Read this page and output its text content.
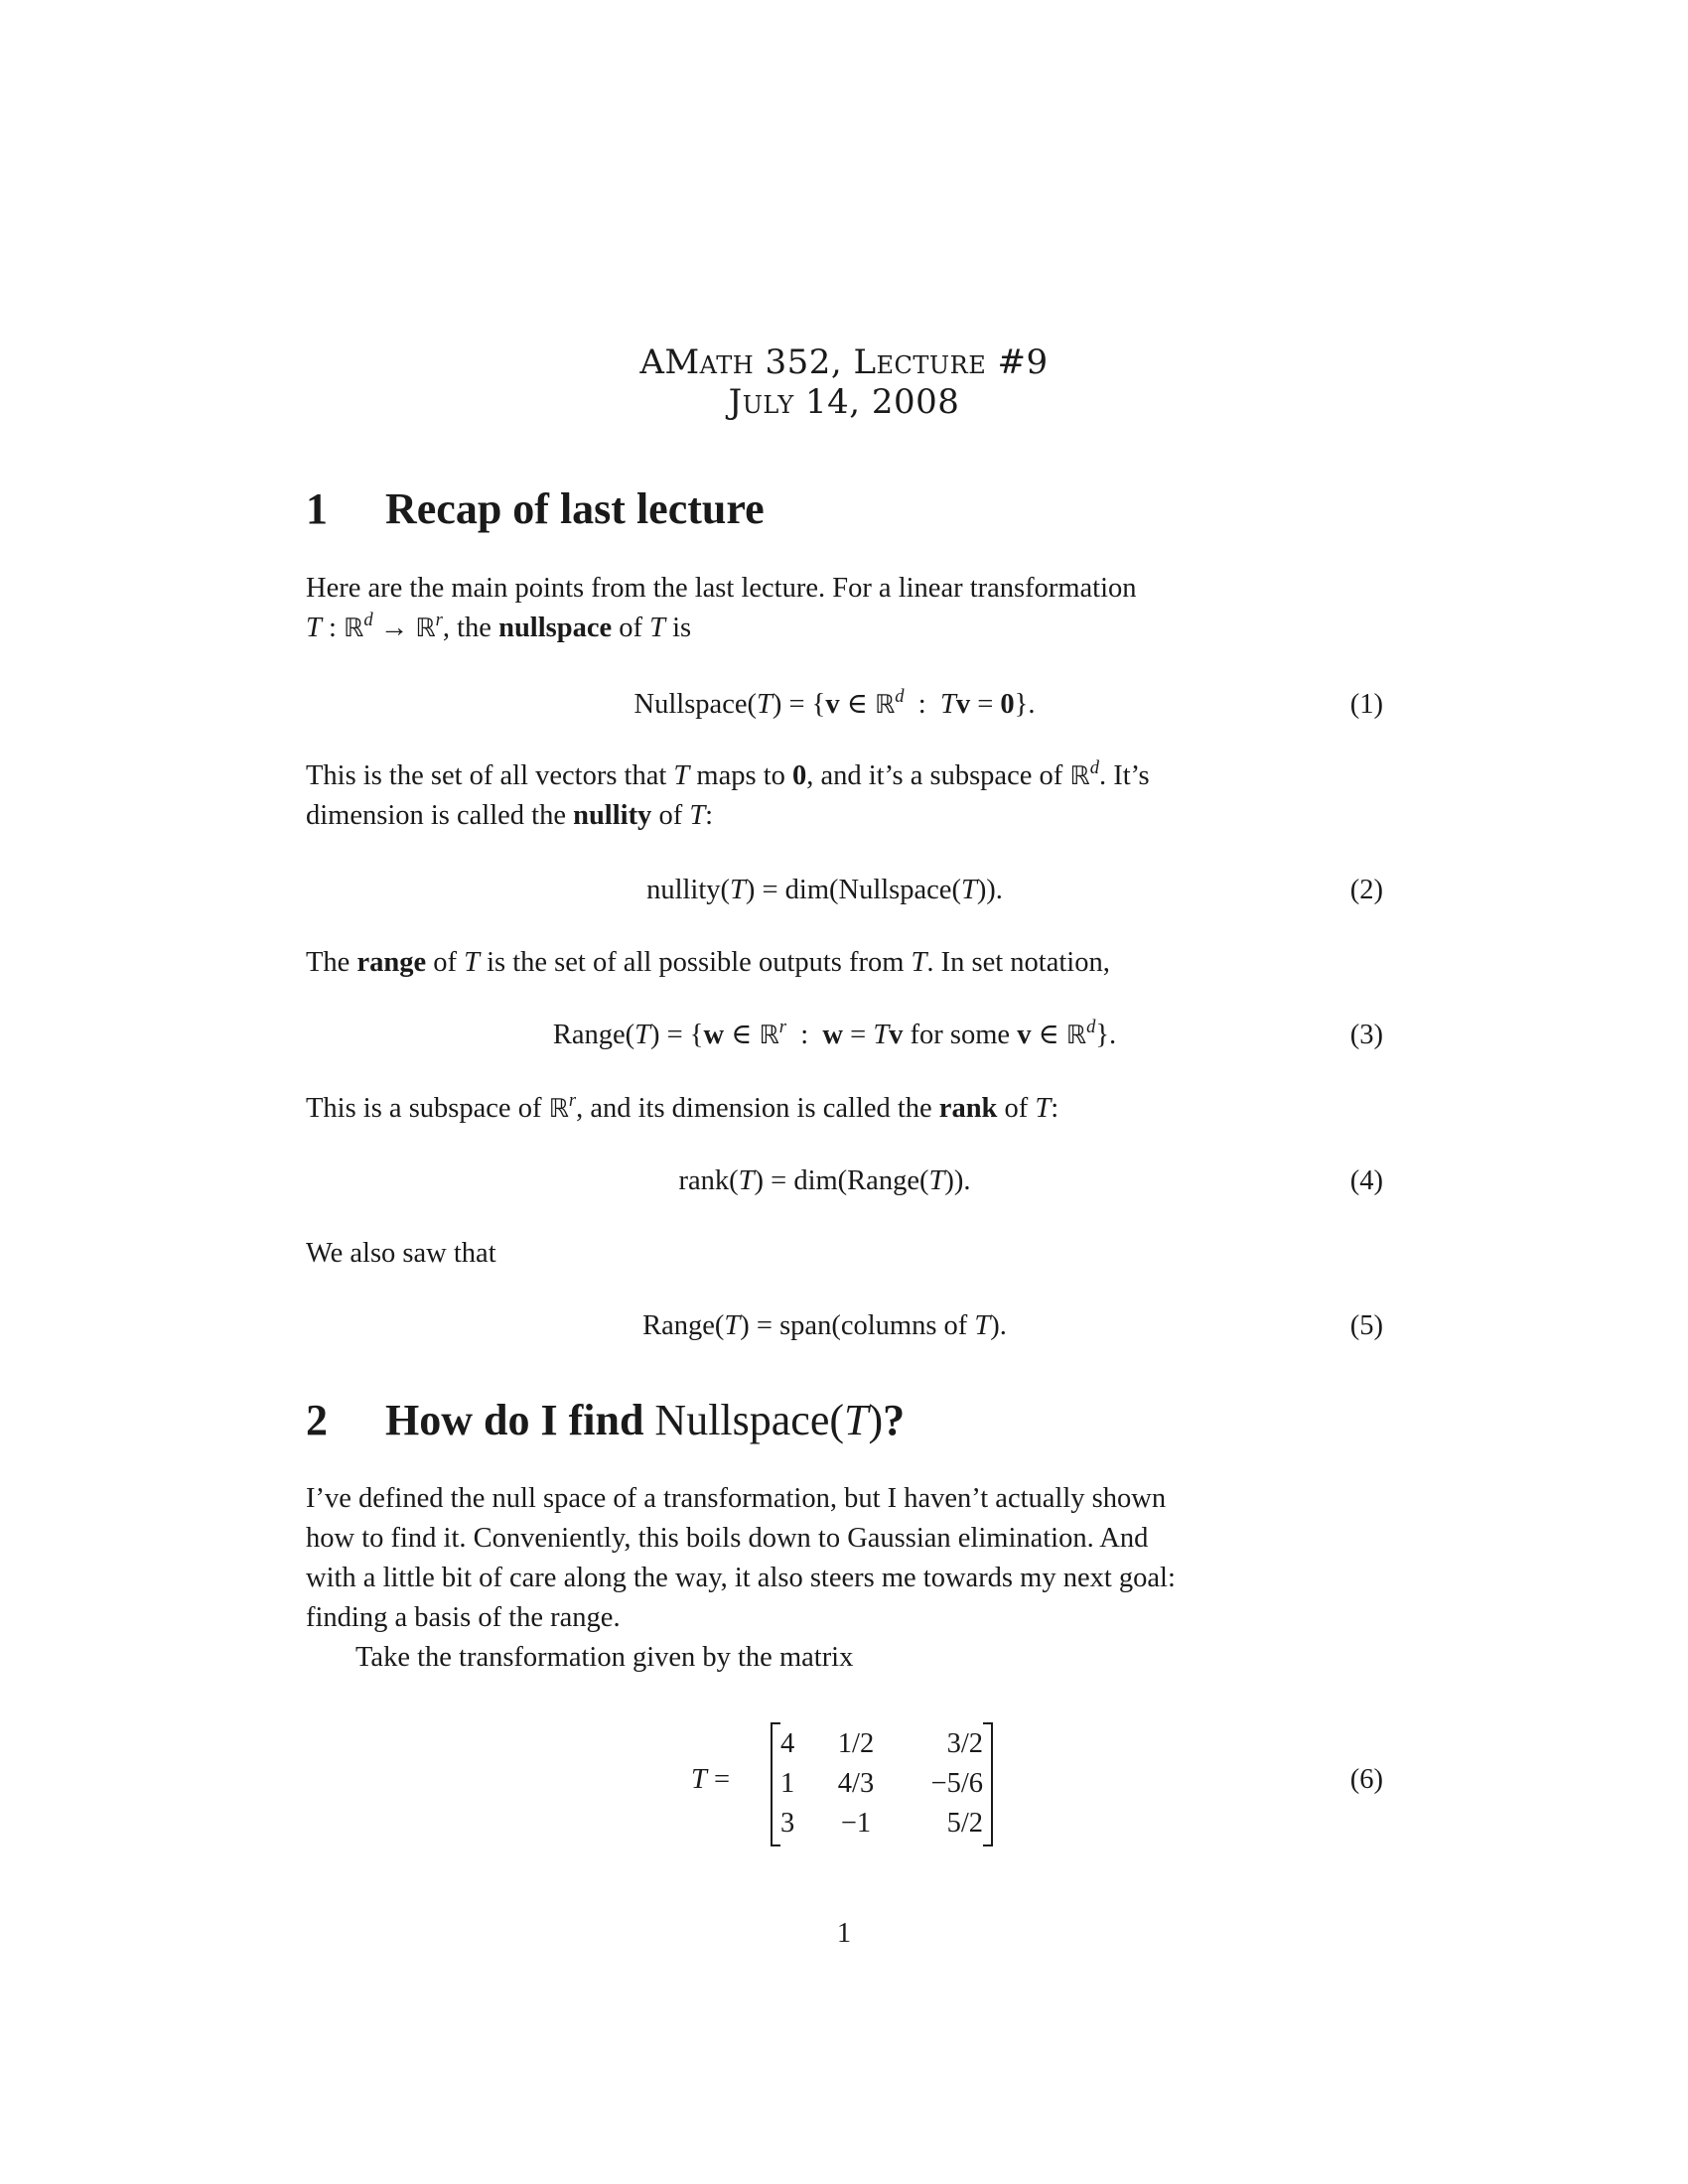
AMath 352, Lecture #9
July 14, 2008
1 Recap of last lecture
Here are the main points from the last lecture. For a linear transformation
T : ℝ$^d$ → ℝ$^r$, the nullspace of T is
Nullspace(T) = {v ∈ ℝ$^d$  :  Tv = 0}.	(1)
This is the set of all vectors that T maps to 0, and it’s a subspace of ℝ$^d$. It’s
dimension is called the nullity of T:
nullity(T) = dim(Nullspace(T)).	(2)
The range of T is the set of all possible outputs from T. In set notation,
Range(T) = {w ∈ ℝ$^r$  :  w = Tv for some v ∈ ℝ$^d$}.	(3)
This is a subspace of ℝ$^r$, and its dimension is called the rank of T:
rank(T) = dim(Range(T)).	(4)
We also saw that
Range(T) = span(columns of T).	(5)
2 How do I find Nullspace(T)?
I’ve defined the null space of a transformation, but I haven’t actually shown
how to find it. Conveniently, this boils down to Gaussian elimination. And
with a little bit of care along the way, it also steers me towards my next goal:
finding a basis of the range.
Take the transformation given by the matrix
T =
4	1/2	3/2
1	4/3	−5/6
3	−1	5/2
(6)
1
